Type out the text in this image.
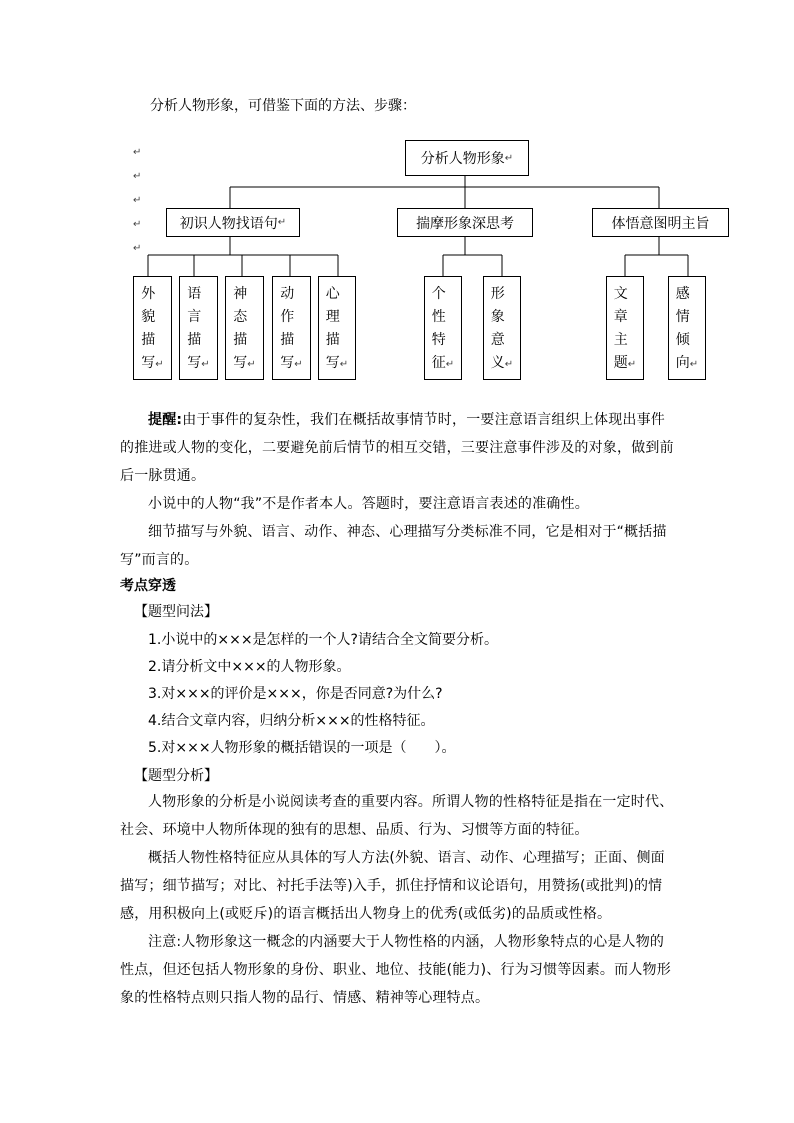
分析人物形象，可借鉴下面的方法、步骤：
↵
↵
↵
↵
↵
分析人物形象 ↵
初识人物找语句 ↵	揣摩形象深思考	体悟意图明主旨
外
貌
描
写↵
语
言
描
写↵
神
态
描
写↵
动
作
描
写↵
心
理
描
写↵
个
性
特
征↵
形
象
意
义↵
文
章
主
题↵
感
情
倾
向↵
提醒:由于事件的复杂性，我们在概括故事情节时，一要注意语言组织上体现出事件的推进或人物的变化，二要避免前后情节的相互交错，三要注意事件涉及的对象，做到前后一脉贯通。
小说中的人物“我”不是作者本人。答题时，要注意语言表述的准确性。
细节描写与外貌、语言、动作、神态、心理描写分类标准不同，它是相对于“概括描写”而言的。
考点穿透
【题型问法】
1.小说中的×××是怎样的一个人?请结合全文简要分析。
2.请分析文中×××的人物形象。
3.对×××的评价是×××，你是否同意?为什么?
4.结合文章内容，归纳分析×××的性格特征。
5.对×××人物形象的概括错误的一项是（　　）。
【题型分析】
人物形象的分析是小说阅读考查的重要内容。所谓人物的性格特征是指在一定时代、社会、环境中人物所体现的独有的思想、品质、行为、习惯等方面的特征。
概括人物性格特征应从具体的写人方法(外貌、语言、动作、心理描写；正面、侧面描写；细节描写；对比、衬托手法等)入手，抓住抒情和议论语句，用赞扬(或批判)的情感，用积极向上(或贬斥)的语言概括出人物身上的优秀(或低劣)的品质或性格。
注意:人物形象这一概念的内涵要大于人物性格的内涵，人物形象特点的心是人物的性点，但还包括人物形象的身份、职业、地位、技能(能力)、行为习惯等因素。而人物形象的性格特点则只指人物的品行、情感、精神等心理特点。
